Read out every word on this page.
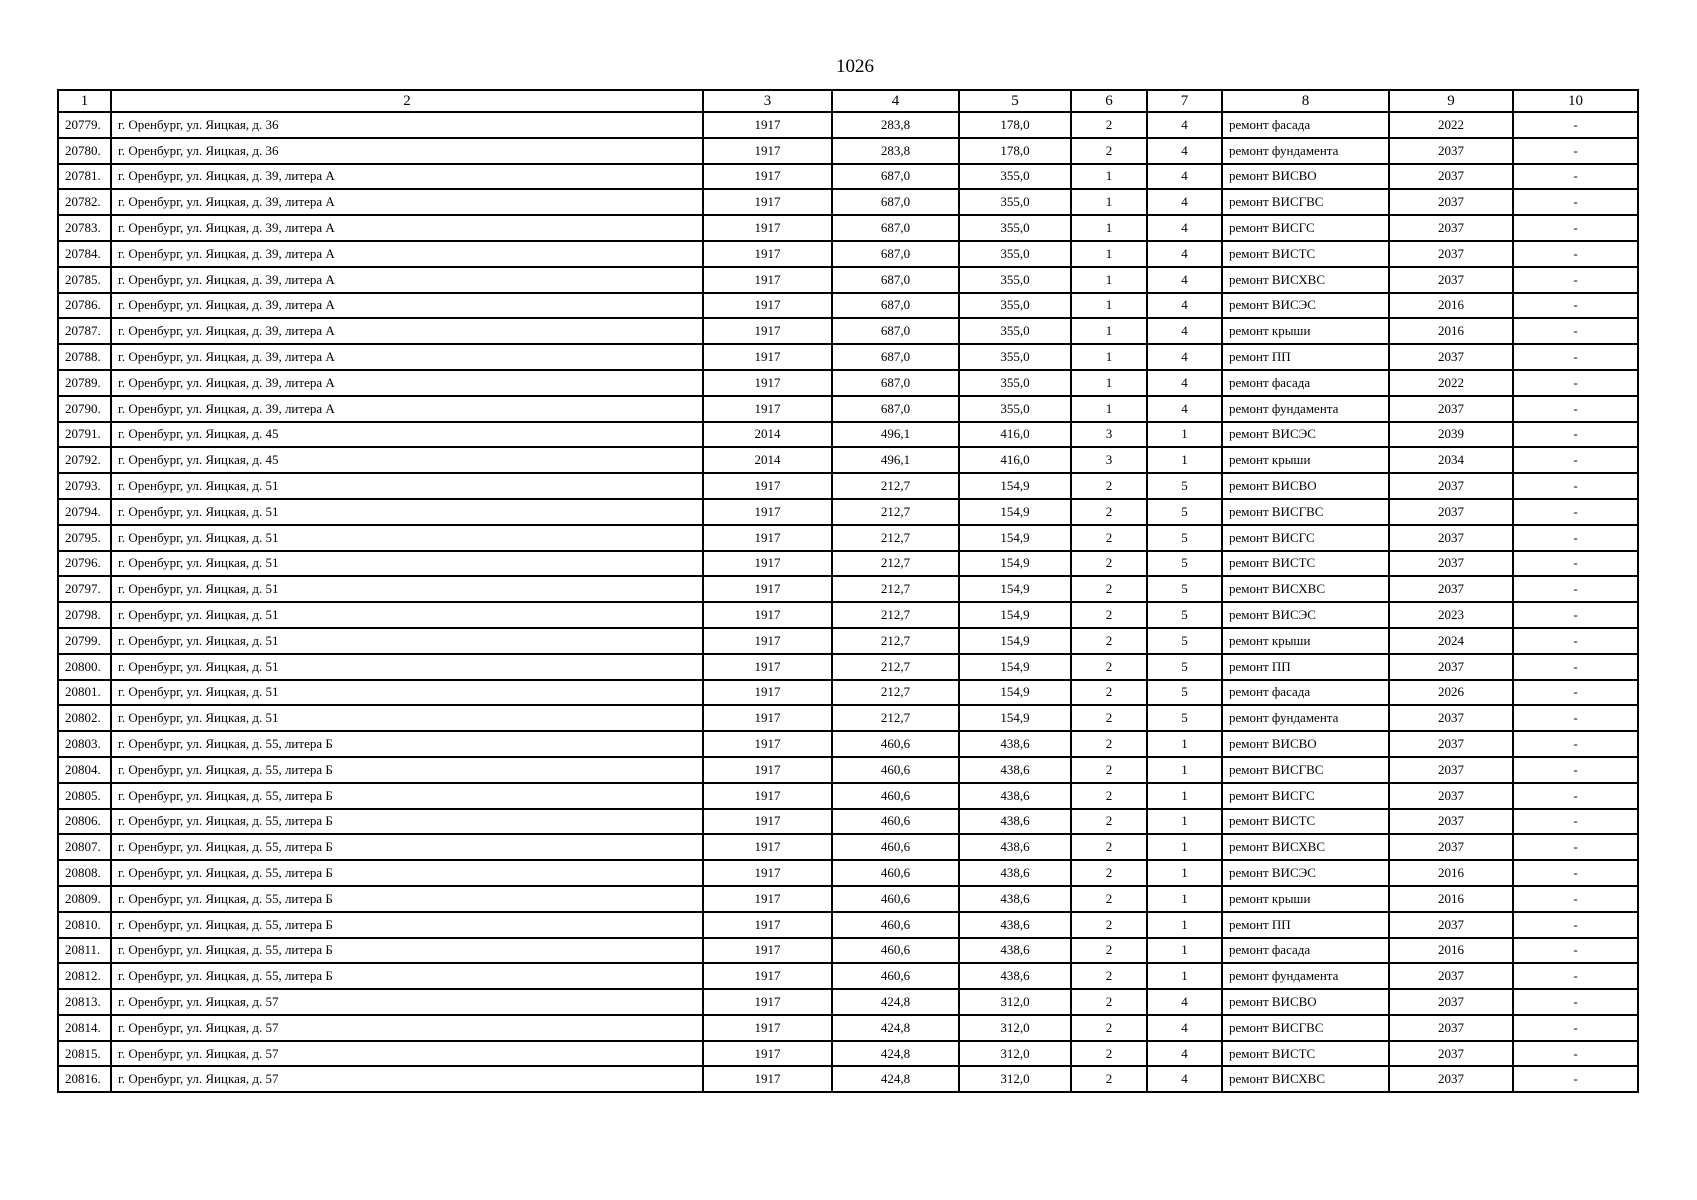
1026
1	2	3	4	5	6	7	8	9	10
20779.	г. Оренбург, ул. Яицкая, д. 36	1917	283,8	178,0	2	4	ремонт фасада	2022	-
20780.	г. Оренбург, ул. Яицкая, д. 36	1917	283,8	178,0	2	4	ремонт фундамента	2037	-
20781.	г. Оренбург, ул. Яицкая, д. 39, литера А	1917	687,0	355,0	1	4	ремонт ВИСВО	2037	-
20782.	г. Оренбург, ул. Яицкая, д. 39, литера А	1917	687,0	355,0	1	4	ремонт ВИСГВС	2037	-
20783.	г. Оренбург, ул. Яицкая, д. 39, литера А	1917	687,0	355,0	1	4	ремонт ВИСГС	2037	-
20784.	г. Оренбург, ул. Яицкая, д. 39, литера А	1917	687,0	355,0	1	4	ремонт ВИСТС	2037	-
20785.	г. Оренбург, ул. Яицкая, д. 39, литера А	1917	687,0	355,0	1	4	ремонт ВИСХВС	2037	-
20786.	г. Оренбург, ул. Яицкая, д. 39, литера А	1917	687,0	355,0	1	4	ремонт ВИСЭС	2016	-
20787.	г. Оренбург, ул. Яицкая, д. 39, литера А	1917	687,0	355,0	1	4	ремонт крыши	2016	-
20788.	г. Оренбург, ул. Яицкая, д. 39, литера А	1917	687,0	355,0	1	4	ремонт ПП	2037	-
20789.	г. Оренбург, ул. Яицкая, д. 39, литера А	1917	687,0	355,0	1	4	ремонт фасада	2022	-
20790.	г. Оренбург, ул. Яицкая, д. 39, литера А	1917	687,0	355,0	1	4	ремонт фундамента	2037	-
20791.	г. Оренбург, ул. Яицкая, д. 45	2014	496,1	416,0	3	1	ремонт ВИСЭС	2039	-
20792.	г. Оренбург, ул. Яицкая, д. 45	2014	496,1	416,0	3	1	ремонт крыши	2034	-
20793.	г. Оренбург, ул. Яицкая, д. 51	1917	212,7	154,9	2	5	ремонт ВИСВО	2037	-
20794.	г. Оренбург, ул. Яицкая, д. 51	1917	212,7	154,9	2	5	ремонт ВИСГВС	2037	-
20795.	г. Оренбург, ул. Яицкая, д. 51	1917	212,7	154,9	2	5	ремонт ВИСГС	2037	-
20796.	г. Оренбург, ул. Яицкая, д. 51	1917	212,7	154,9	2	5	ремонт ВИСТС	2037	-
20797.	г. Оренбург, ул. Яицкая, д. 51	1917	212,7	154,9	2	5	ремонт ВИСХВС	2037	-
20798.	г. Оренбург, ул. Яицкая, д. 51	1917	212,7	154,9	2	5	ремонт ВИСЭС	2023	-
20799.	г. Оренбург, ул. Яицкая, д. 51	1917	212,7	154,9	2	5	ремонт крыши	2024	-
20800.	г. Оренбург, ул. Яицкая, д. 51	1917	212,7	154,9	2	5	ремонт ПП	2037	-
20801.	г. Оренбург, ул. Яицкая, д. 51	1917	212,7	154,9	2	5	ремонт фасада	2026	-
20802.	г. Оренбург, ул. Яицкая, д. 51	1917	212,7	154,9	2	5	ремонт фундамента	2037	-
20803.	г. Оренбург, ул. Яицкая, д. 55, литера Б	1917	460,6	438,6	2	1	ремонт ВИСВО	2037	-
20804.	г. Оренбург, ул. Яицкая, д. 55, литера Б	1917	460,6	438,6	2	1	ремонт ВИСГВС	2037	-
20805.	г. Оренбург, ул. Яицкая, д. 55, литера Б	1917	460,6	438,6	2	1	ремонт ВИСГС	2037	-
20806.	г. Оренбург, ул. Яицкая, д. 55, литера Б	1917	460,6	438,6	2	1	ремонт ВИСТС	2037	-
20807.	г. Оренбург, ул. Яицкая, д. 55, литера Б	1917	460,6	438,6	2	1	ремонт ВИСХВС	2037	-
20808.	г. Оренбург, ул. Яицкая, д. 55, литера Б	1917	460,6	438,6	2	1	ремонт ВИСЭС	2016	-
20809.	г. Оренбург, ул. Яицкая, д. 55, литера Б	1917	460,6	438,6	2	1	ремонт крыши	2016	-
20810.	г. Оренбург, ул. Яицкая, д. 55, литера Б	1917	460,6	438,6	2	1	ремонт ПП	2037	-
20811.	г. Оренбург, ул. Яицкая, д. 55, литера Б	1917	460,6	438,6	2	1	ремонт фасада	2016	-
20812.	г. Оренбург, ул. Яицкая, д. 55, литера Б	1917	460,6	438,6	2	1	ремонт фундамента	2037	-
20813.	г. Оренбург, ул. Яицкая, д. 57	1917	424,8	312,0	2	4	ремонт ВИСВО	2037	-
20814.	г. Оренбург, ул. Яицкая, д. 57	1917	424,8	312,0	2	4	ремонт ВИСГВС	2037	-
20815.	г. Оренбург, ул. Яицкая, д. 57	1917	424,8	312,0	2	4	ремонт ВИСТС	2037	-
20816.	г. Оренбург, ул. Яицкая, д. 57	1917	424,8	312,0	2	4	ремонт ВИСХВС	2037	-
